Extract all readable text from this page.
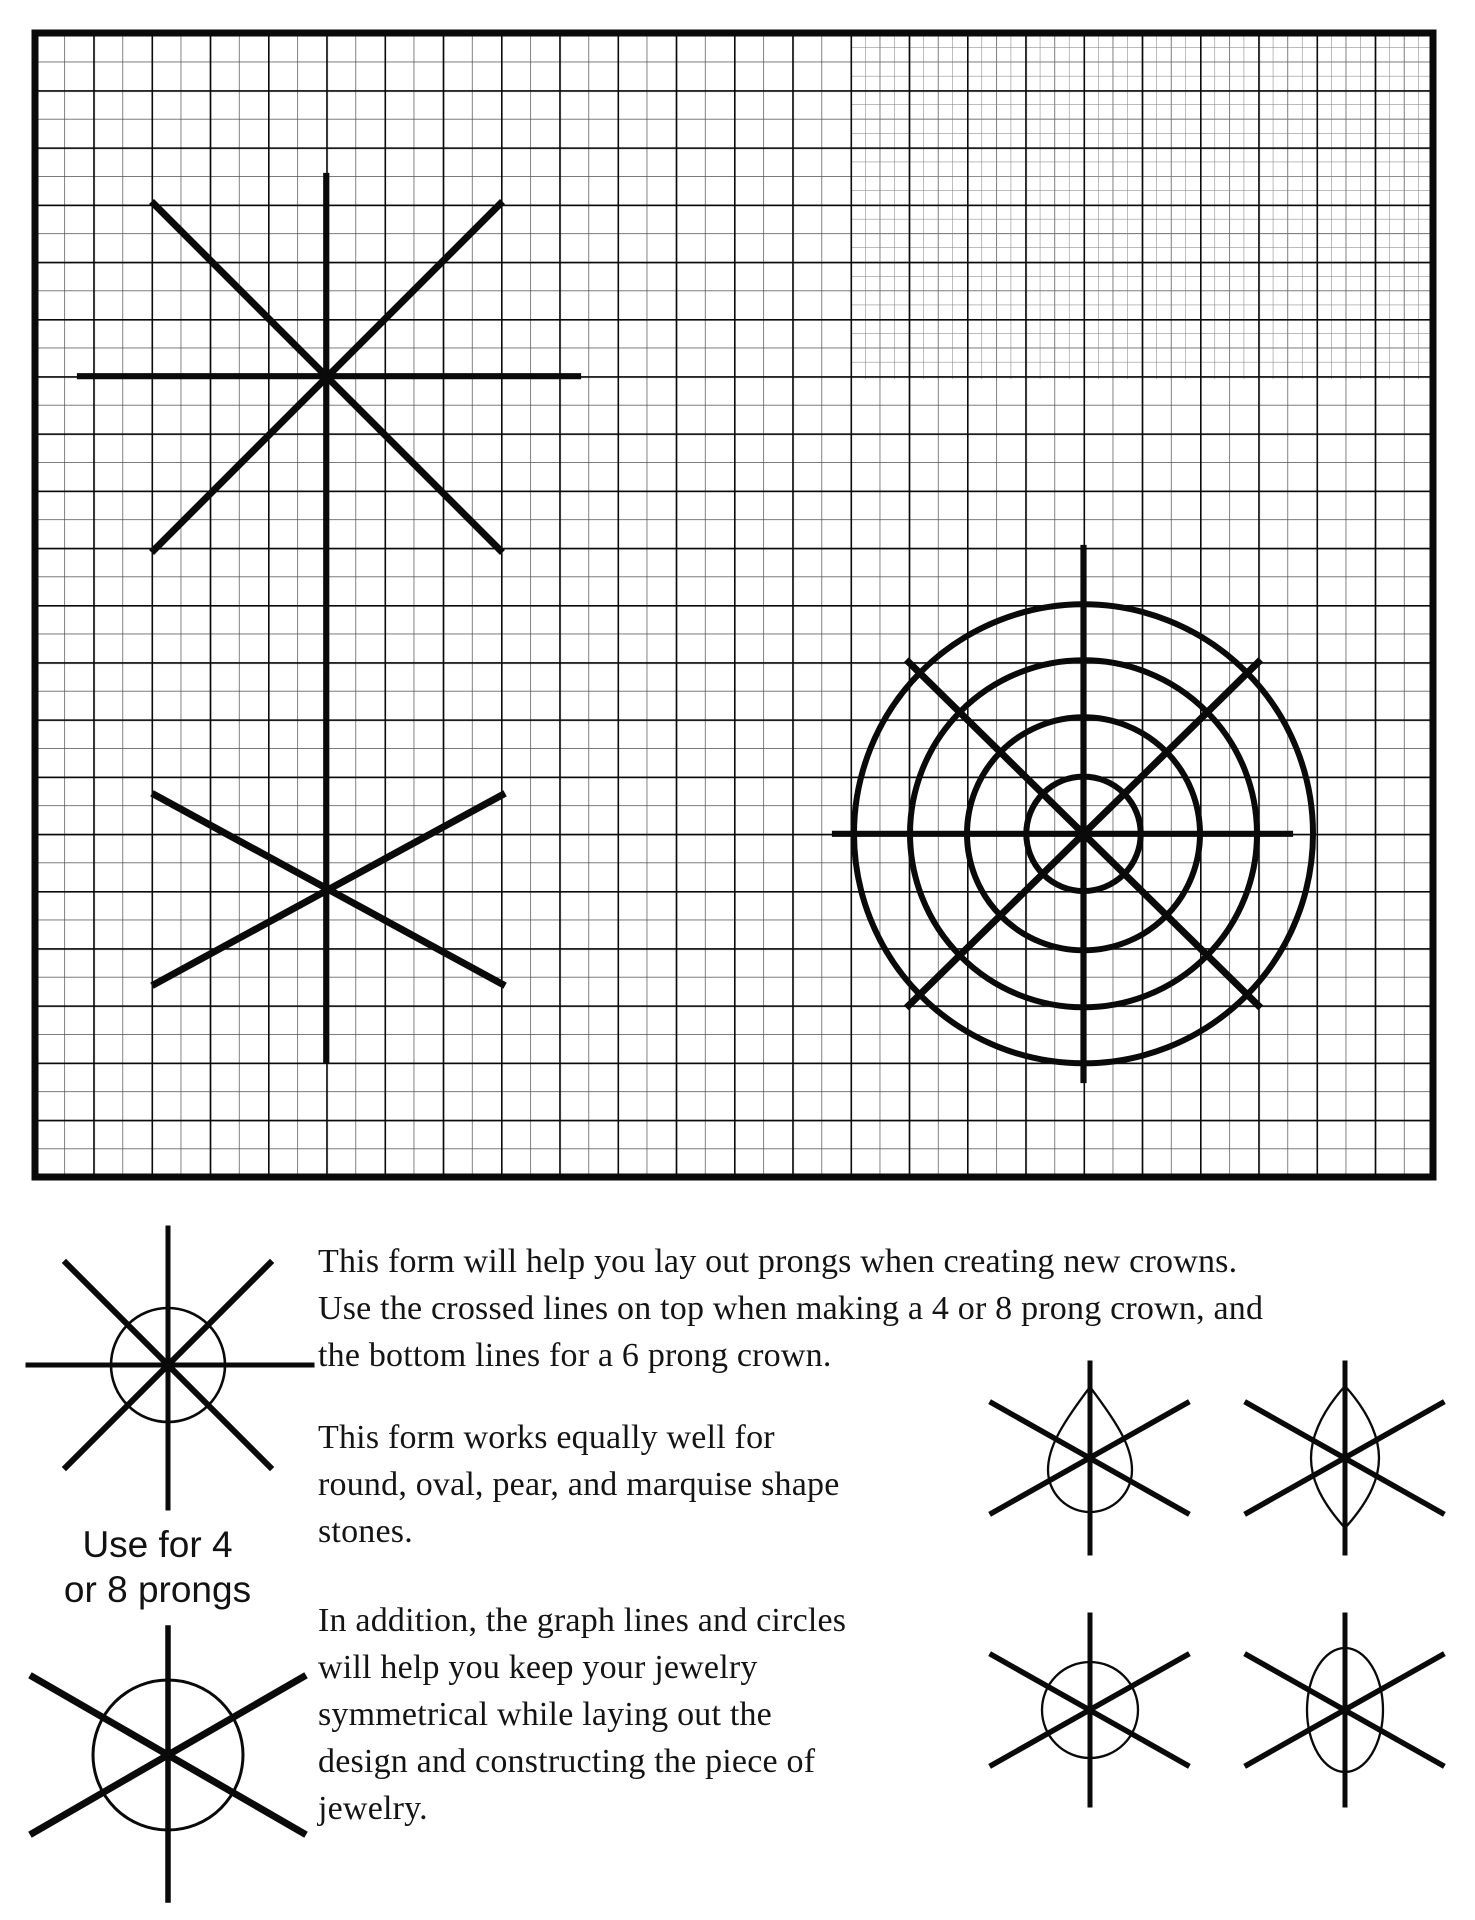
This form will help you lay out prongs when creating new crowns.
Use the crossed lines on top when making a 4 or 8 prong crown, and
the bottom lines for a 6 prong crown.
This form works equally well for
round, oval, pear, and marquise shape
stones.
In addition, the graph lines and circles
will help you keep your jewelry
symmetrical while laying out the
design and constructing the piece of
jewelry.
Use for 4
or 8 prongs
